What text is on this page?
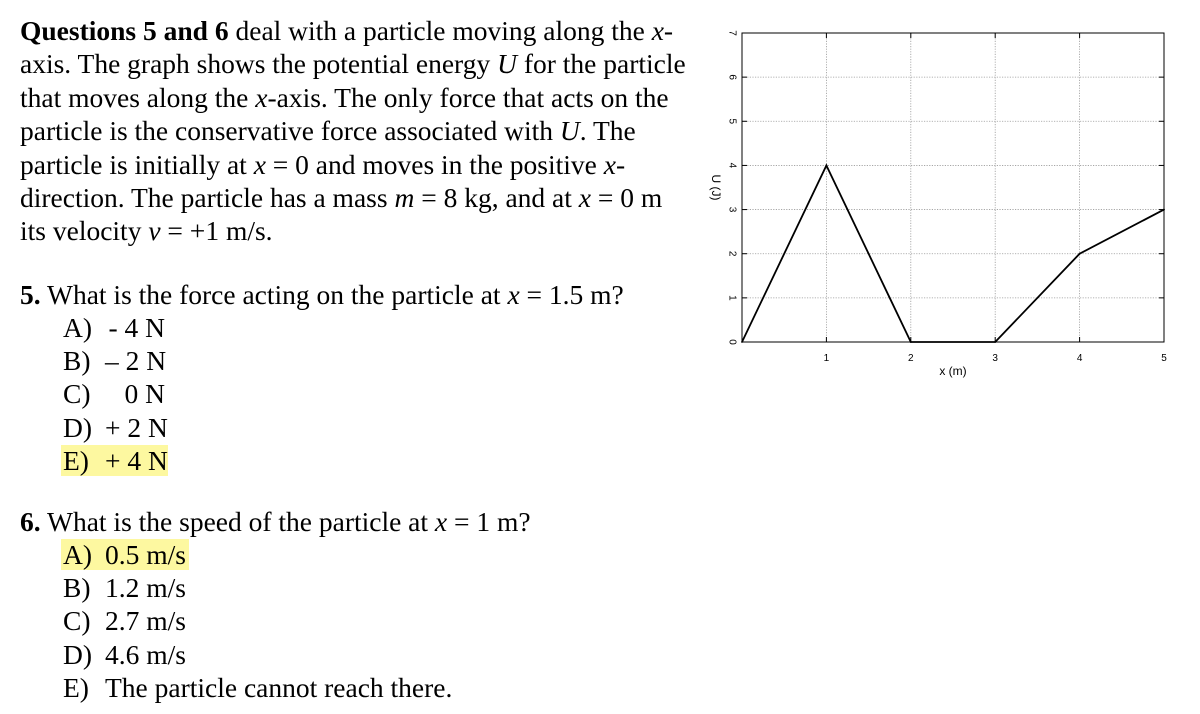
Questions 5 and 6 deal with a particle moving along the x-axis. The graph shows the potential energy U for the particle that moves along the x-axis. The only force that acts on the particle is the conservative force associated with U. The particle is initially at x = 0 and moves in the positive x-direction. The particle has a mass m = 8 kg, and at x = 0 m its velocity v = +1 m/s.

5. What is the force acting on the particle at x = 1.5 m?

A) - 4 N
B) – 2 N
C) 0 N
D) + 2 N
E) + 4 N

6. What is the speed of the particle at x = 1 m?

A) 0.5 m/s
B) 1.2 m/s
C) 2.7 m/s
D) 4.6 m/s
E) The particle cannot reach there.
0
1
2
3
4
5
6
7
1	2	3	4	5
x (m)
U (J)
